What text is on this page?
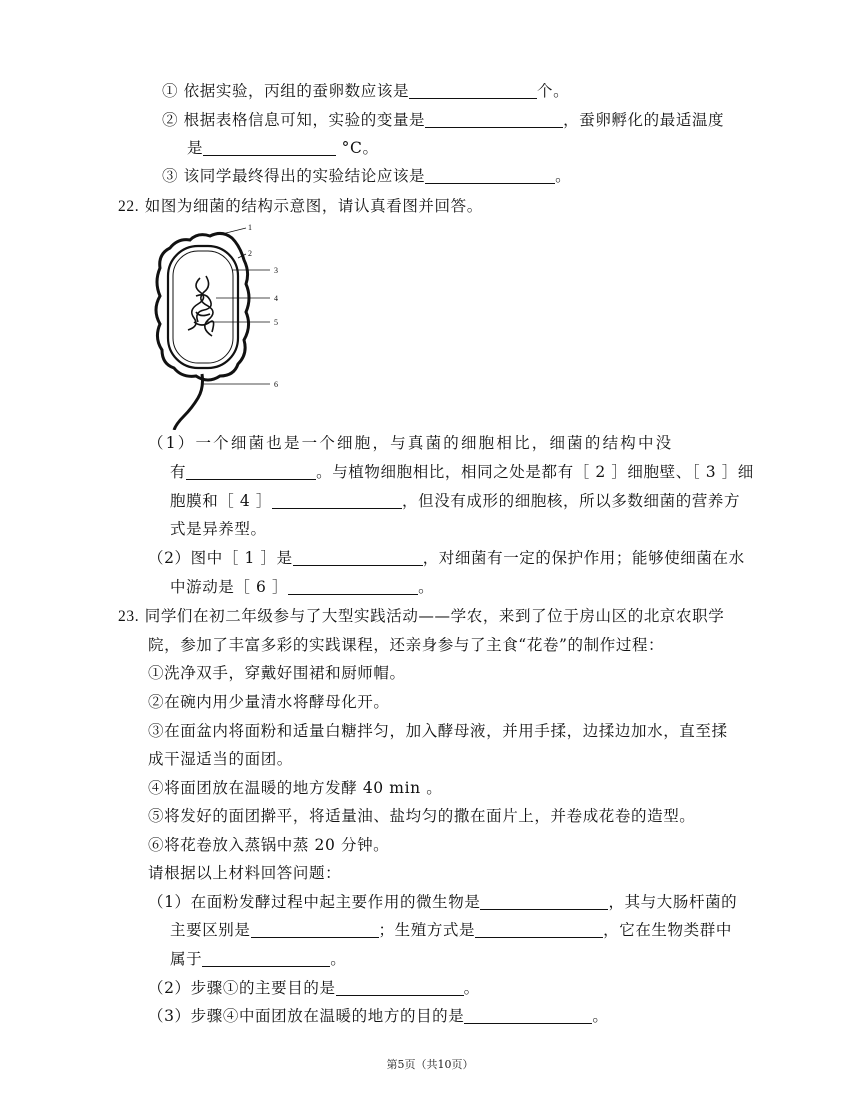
① 依据实验，丙组的蚕卵数应该是	个。
② 根据表格信息可知，实验的变量是	，蚕卵孵化的最适温度
是	°C。
③ 该同学最终得出的实验结论应该是	。
22. 如图为细菌的结构示意图，请认真看图并回答。
1
2
3
4
5
6
（1）一个细菌也是一个细胞，与真菌的细胞相比，细菌的结构中没
有	。与植物细胞相比，相同之处是都有［ 2 ］细胞壁、［ 3 ］细
胞膜和［ 4 ］	，但没有成形的细胞核，所以多数细菌的营养方
式是异养型。
（2）图中［ 1 ］是	，对细菌有一定的保护作用；能够使细菌在水
中游动是［ 6 ］	。
23. 同学们在初二年级参与了大型实践活动——学农，来到了位于房山区的北京农职学
院，参加了丰富多彩的实践课程，还亲身参与了主食“花卷”的制作过程：
①洗净双手，穿戴好围裙和厨师帽。
②在碗内用少量清水将酵母化开。
③在面盆内将面粉和适量白糖拌匀，加入酵母液，并用手揉，边揉边加水，直至揉
成干湿适当的面团。
④将面团放在温暖的地方发酵 40 min 。
⑤将发好的面团擀平，将适量油、盐均匀的撒在面片上，并卷成花卷的造型。
⑥将花卷放入蒸锅中蒸 20 分钟。
请根据以上材料回答问题：
（1）在面粉发酵过程中起主要作用的微生物是	，其与大肠杆菌的
主要区别是	；生殖方式是	，它在生物类群中
属于	。
（2）步骤①的主要目的是	。
（3）步骤④中面团放在温暖的地方的目的是	。
第5页（共10页）
